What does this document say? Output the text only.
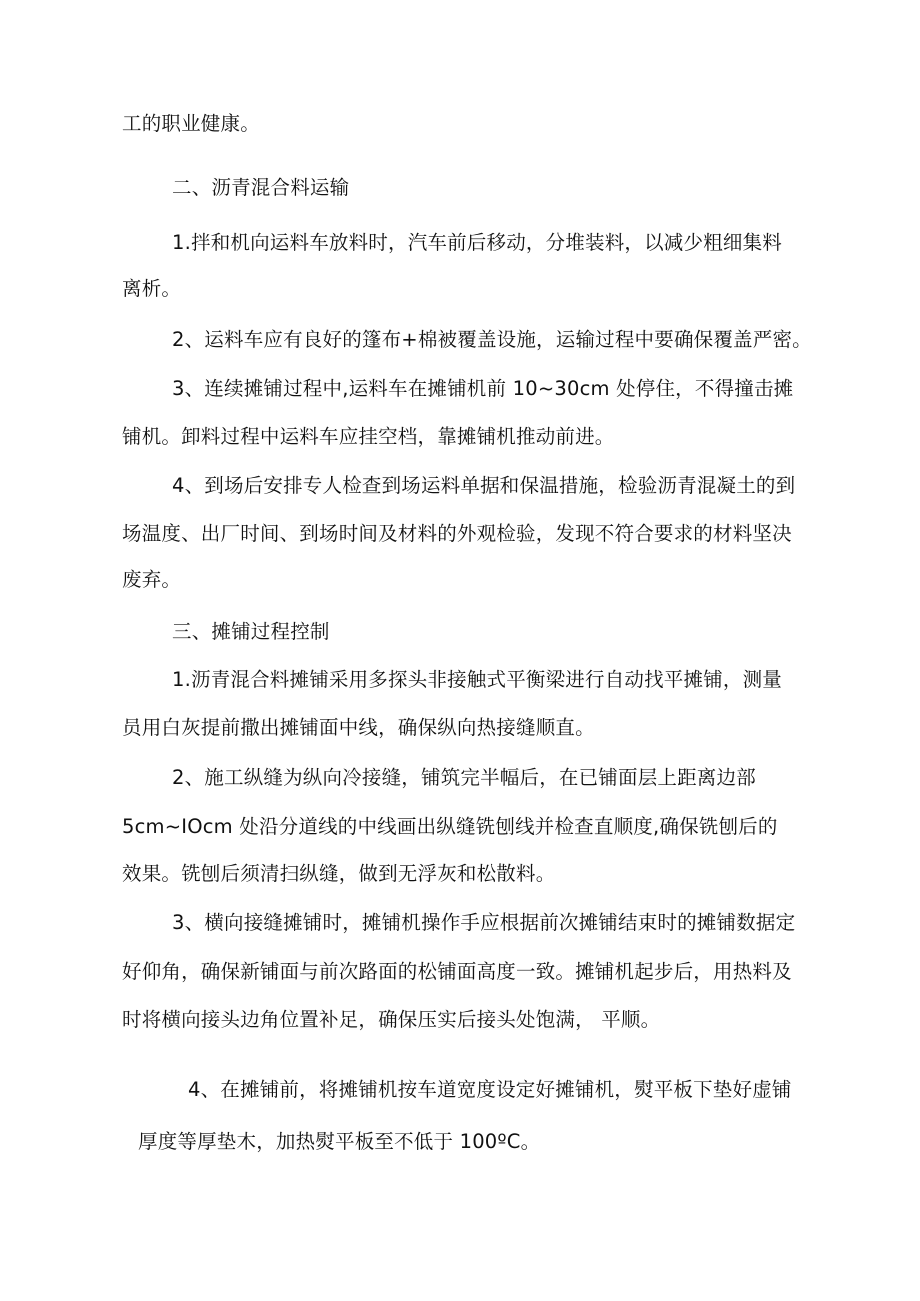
工的职业健康。
二、沥青混合料运输
1.拌和机向运料车放料时，汽车前后移动，分堆装料，以减少粗细集料
离析。
2、运料车应有良好的篷布+棉被覆盖设施，运输过程中要确保覆盖严密。
3、连续摊铺过程中,运料车在摊铺机前 10~30cm 处停住，不得撞击摊
铺机。卸料过程中运料车应挂空档，靠摊铺机推动前进。
4、到场后安排专人检查到场运料单据和保温措施，检验沥青混凝土的到
场温度、出厂时间、到场时间及材料的外观检验，发现不符合要求的材料坚决
废弃。
三、摊铺过程控制
1.沥青混合料摊铺采用多探头非接触式平衡梁进行自动找平摊铺，测量
员用白灰提前撒出摊铺面中线，确保纵向热接缝顺直。
2、施工纵缝为纵向冷接缝，铺筑完半幅后，在已铺面层上距离边部
5cm~IOcm 处沿分道线的中线画出纵缝铣刨线并检查直顺度,确保铣刨后的
效果。铣刨后须清扫纵缝，做到无浮灰和松散料。
3、横向接缝摊铺时，摊铺机操作手应根据前次摊铺结束时的摊铺数据定
好仰角，确保新铺面与前次路面的松铺面高度一致。摊铺机起步后，用热料及
时将横向接头边角位置补足，确保压实后接头处饱满， 平顺。
4、在摊铺前，将摊铺机按车道宽度设定好摊铺机，熨平板下垫好虚铺
厚度等厚垫木，加热熨平板至不低于 100ºC。
